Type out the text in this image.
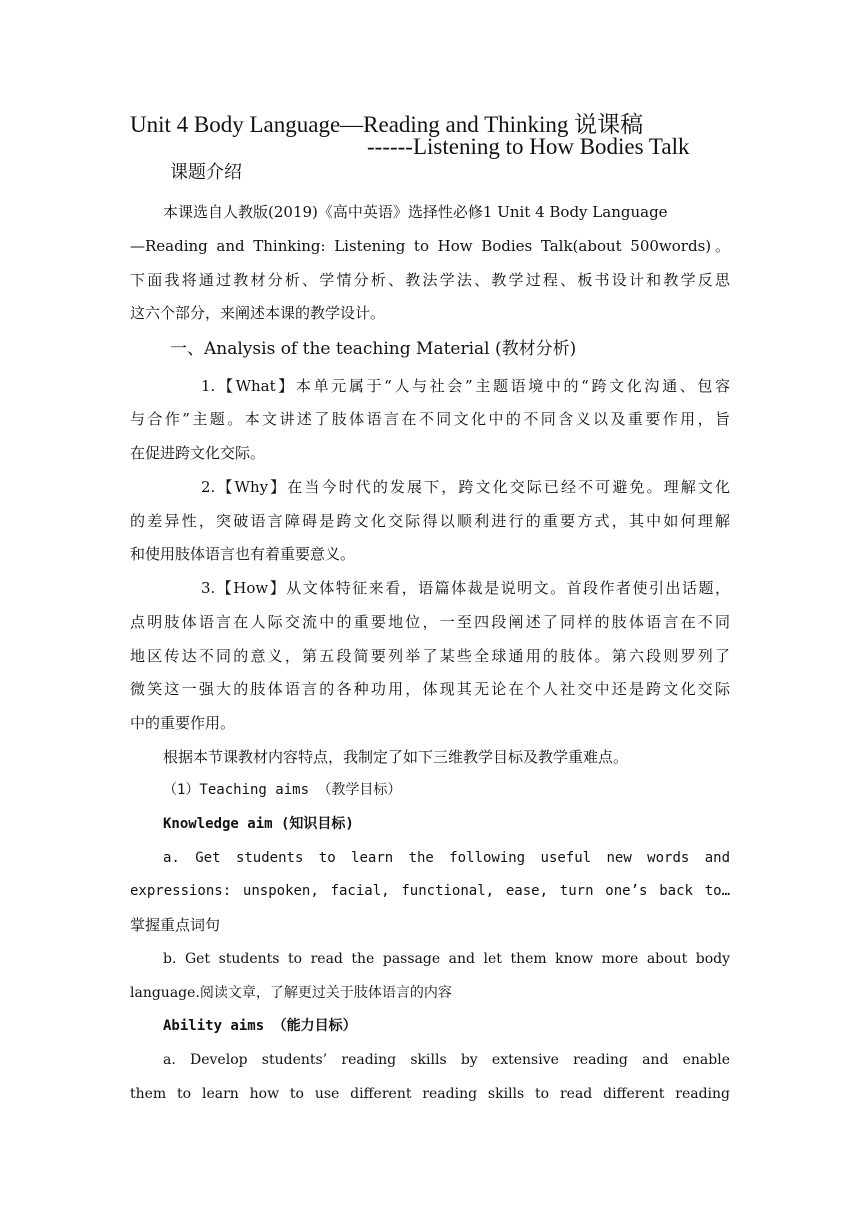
Unit 4 Body Language—Reading and Thinking 说课稿
------Listening to How Bodies Talk
课题介绍
本课选自人教版(2019)《高中英语》选择性必修1 Unit 4 Body Language
—Reading and Thinking: Listening to How Bodies Talk(about 500words)。
下面我将通过教材分析、学情分析、教法学法、教学过程、板书设计和教学反思
这六个部分，来阐述本课的教学设计。
一、Analysis of the teaching Material (教材分析)
1.【What】本单元属于“人与社会”主题语境中的“跨文化沟通、包容
与合作”主题。本文讲述了肢体语言在不同文化中的不同含义以及重要作用，旨
在促进跨文化交际。
2.【Why】在当今时代的发展下，跨文化交际已经不可避免。理解文化
的差异性，突破语言障碍是跨文化交际得以顺利进行的重要方式，其中如何理解
和使用肢体语言也有着重要意义。
3.【How】从文体特征来看，语篇体裁是说明文。首段作者使引出话题，
点明肢体语言在人际交流中的重要地位，一至四段阐述了同样的肢体语言在不同
地区传达不同的意义，第五段简要列举了某些全球通用的肢体。第六段则罗列了
微笑这一强大的肢体语言的各种功用，体现其无论在个人社交中还是跨文化交际
中的重要作用。
根据本节课教材内容特点，我制定了如下三维教学目标及教学重难点。
（1）Teaching aims （教学目标）
Knowledge aim (知识目标)
a. Get students to learn the following useful new words and
expressions: unspoken, facial, functional, ease, turn one’s back to…
掌握重点词句
b. Get students to read the passage and let them know more about body
language.阅读文章，了解更过关于肢体语言的内容
Ability aims （能力目标）
a. Develop students’ reading skills by extensive reading and enable
them to learn how to use different reading skills to read different reading
